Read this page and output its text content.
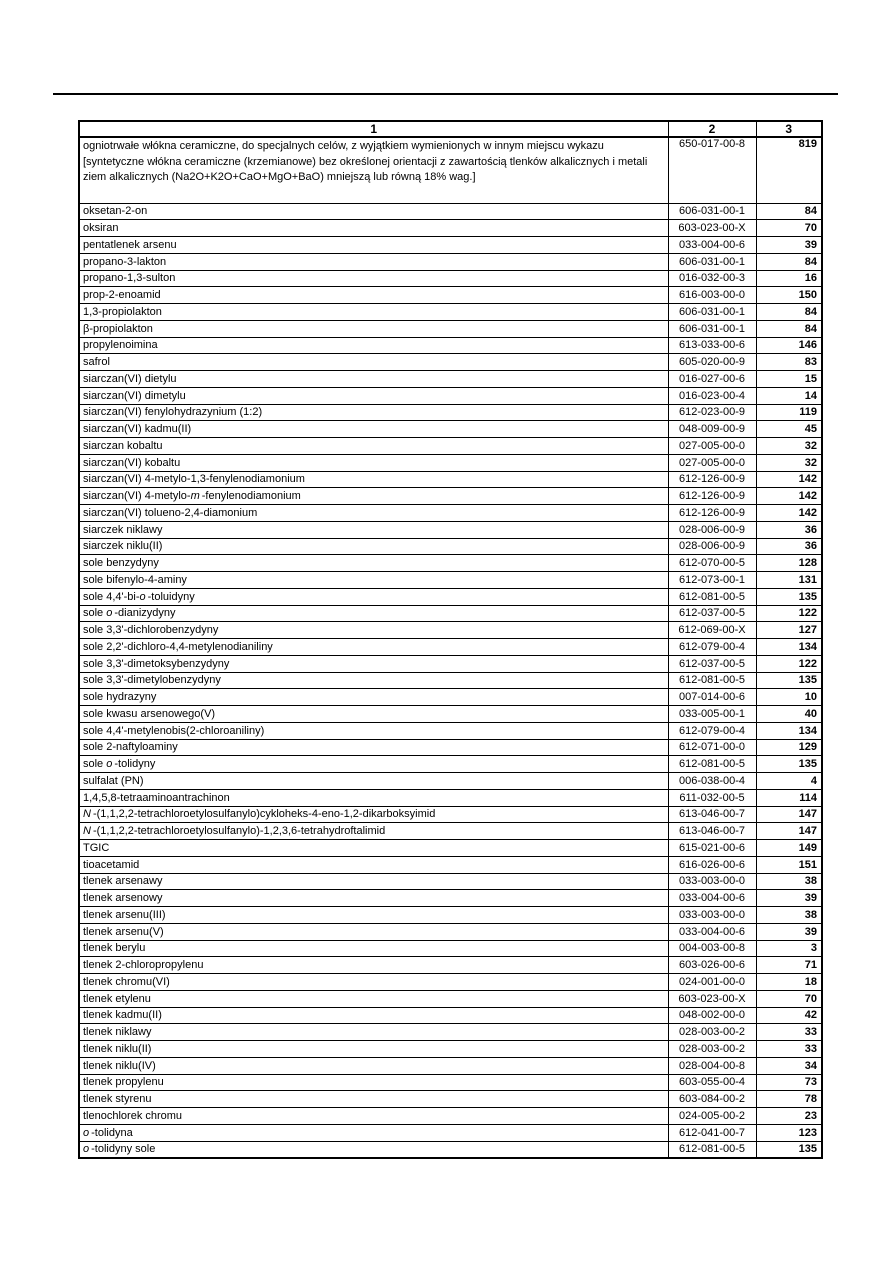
1	2	3
ogniotrwałe włókna ceramiczne, do specjalnych celów, z wyjątkiem wymienionych w innym miejscu wykazu [syntetyczne włókna ceramiczne (krzemianowe) bez określonej orientacji z zawartością tlenków alkalicznych i metali ziem alkalicznych (Na2O+K2O+CaO+MgO+BaO) mniejszą lub równą 18% wag.]	650-017-00-8	819
oksetan-2-on	606-031-00-1	84
oksiran	603-023-00-X	70
pentatlenek arsenu	033-004-00-6	39
propano-3-lakton	606-031-00-1	84
propano-1,3-sulton	016-032-00-3	16
prop-2-enoamid	616-003-00-0	150
1,3-propiolakton	606-031-00-1	84
β-propiolakton	606-031-00-1	84
propylenoimina	613-033-00-6	146
safrol	605-020-00-9	83
siarczan(VI) dietylu	016-027-00-6	15
siarczan(VI) dimetylu	016-023-00-4	14
siarczan(VI) fenylohydrazynium (1:2)	612-023-00-9	119
siarczan(VI) kadmu(II)	048-009-00-9	45
siarczan kobaltu	027-005-00-0	32
siarczan(VI) kobaltu	027-005-00-0	32
siarczan(VI) 4-metylo-1,3-fenylenodiamonium	612-126-00-9	142
siarczan(VI) 4-metylo-m -fenylenodiamonium	612-126-00-9	142
siarczan(VI) tolueno-2,4-diamonium	612-126-00-9	142
siarczek niklawy	028-006-00-9	36
siarczek niklu(II)	028-006-00-9	36
sole benzydyny	612-070-00-5	128
sole bifenylo-4-aminy	612-073-00-1	131
sole 4,4'-bi-o -toluidyny	612-081-00-5	135
sole o -dianizydyny	612-037-00-5	122
sole 3,3'-dichlorobenzydyny	612-069-00-X	127
sole 2,2'-dichloro-4,4-metylenodianiliny	612-079-00-4	134
sole 3,3'-dimetoksybenzydyny	612-037-00-5	122
sole 3,3'-dimetylobenzydyny	612-081-00-5	135
sole hydrazyny	007-014-00-6	10
sole kwasu arsenowego(V)	033-005-00-1	40
sole 4,4'-metylenobis(2-chloroaniliny)	612-079-00-4	134
sole 2-naftyloaminy	612-071-00-0	129
sole o -tolidyny	612-081-00-5	135
sulfalat (PN)	006-038-00-4	4
1,4,5,8-tetraaminoantrachinon	611-032-00-5	114
N -(1,1,2,2-tetrachloroetylosulfanylo)cykloheks-4-eno-1,2-dikarboksyimid	613-046-00-7	147
N -(1,1,2,2-tetrachloroetylosulfanylo)-1,2,3,6-tetrahydroftalimid	613-046-00-7	147
TGIC	615-021-00-6	149
tioacetamid	616-026-00-6	151
tlenek arsenawy	033-003-00-0	38
tlenek arsenowy	033-004-00-6	39
tlenek arsenu(III)	033-003-00-0	38
tlenek arsenu(V)	033-004-00-6	39
tlenek berylu	004-003-00-8	3
tlenek 2-chloropropylenu	603-026-00-6	71
tlenek chromu(VI)	024-001-00-0	18
tlenek etylenu	603-023-00-X	70
tlenek kadmu(II)	048-002-00-0	42
tlenek niklawy	028-003-00-2	33
tlenek niklu(II)	028-003-00-2	33
tlenek niklu(IV)	028-004-00-8	34
tlenek propylenu	603-055-00-4	73
tlenek styrenu	603-084-00-2	78
tlenochlorek chromu	024-005-00-2	23
o -tolidyna	612-041-00-7	123
o -tolidyny sole	612-081-00-5	135
